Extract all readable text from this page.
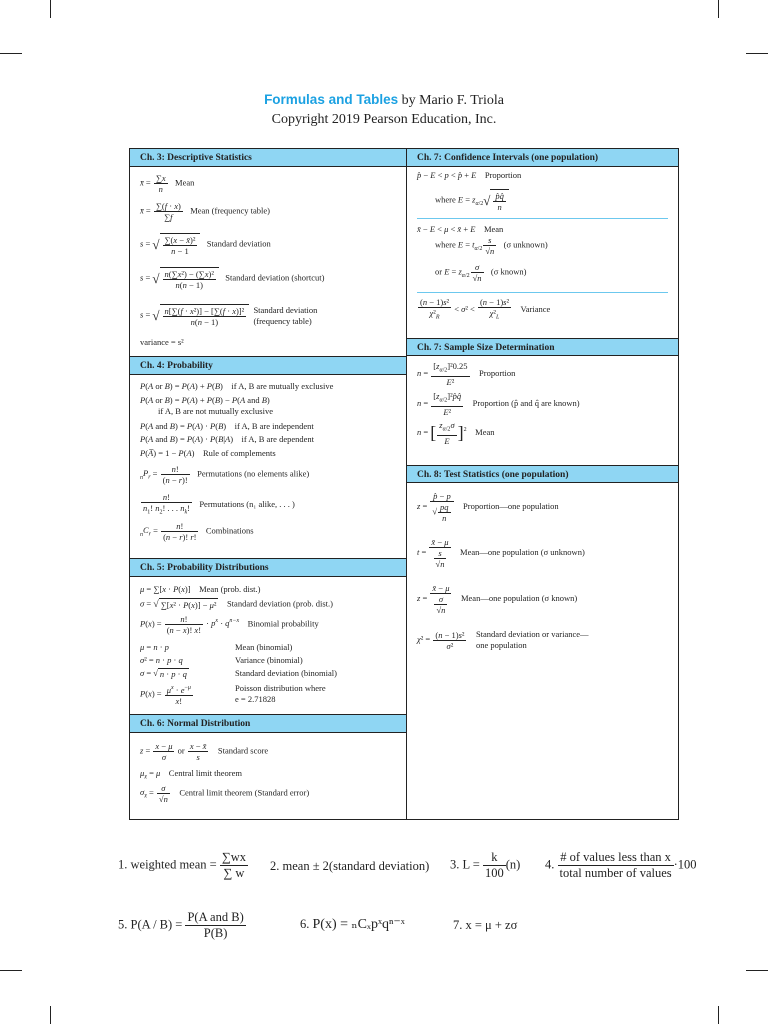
Formulas and Tables by Mario F. Triola
Copyright 2019 Pearson Education, Inc.
Ch. 3: Descriptive Statistics
x̄ = $\frac{\sum x}{n}$ Mean
x̄ = $\frac{\sum(f \cdot x)}{\sum f}$ Mean (frequency table)
s = √ $\frac{\text{∑(x − x̄)²}}{n - 1}$ Standard deviation
s = √ $\frac{\text{n(∑x²) − (∑x)²}}{n(n - 1)}$ Standard deviation (shortcut)
s = √ $\frac{\text{n[∑(f · x²)] − [∑(f · x)]²}}{n(n - 1)}$ Standard deviation
(frequency table)
variance = s²
Ch. 4: Probability
P(A or B) = P(A) + P(B)    if A, B are mutually exclusive
P(A or B) = P(A) + P(B) − P(A and B)
if A, B are not mutually exclusive
P(A and B) = P(A) · P(B)    if A, B are independent
P(A and B) = P(A) · P(B|A)    if A, B are dependent
P(A̅) = 1 − P(A)    Rule of complements
$_nP_r = \frac{n!}{(n - r)!}$ Permutations (no elements alike)
$\frac{n!}{n_1! n_2! . . . n_k!}$ Permutations (n₁ alike, . . . )
$_nC_r = \frac{n!}{(n - r)! r!}$ Combinations
Ch. 5: Probability Distributions
μ = ∑[x · P(x)]    Mean (prob. dist.)
σ = √ ∑[x² · P(x)] − μ² Standard deviation (prob. dist.)
$P(x) = \frac{n!}{(n - x)! x!} \cdot p^x \cdot q^{n-x}$ Binomial probability
μ = n · p	Mean (binomial)
σ² = n · p · q	Variance (binomial)
σ = √ n · p · q	Standard deviation (binomial)
$P(x) = \frac{\mu^x \cdot e^{-\mu}}{x!}$	Poisson distribution where
e = 2.71828
Ch. 6: Normal Distribution
$z = \frac{x - \mu}{\sigma}$ or $\frac{x - x̄}{s}$ Standard score
$\mu_{x̄} = \mu$ Central limit theorem
$\sigma_{x̄} = \frac{\sigma}{√n}$ Central limit theorem (Standard error)
Ch. 7: Confidence Intervals (one population)
p̂ − E < p < p̂ + E Proportion
where $E = z_{\alpha/2}√ \frac{p̂q̂}{n}$
x̄ − E < μ < x̄ + E Mean
where $E = t_{\alpha/2} \frac{s}{√n} (\sigma$ unknown)
or $E = z_{\alpha/2} \frac{\sigma}{√n} (\sigma$ known)
$\frac{\text{(n − 1)s²}}{\chi^2_R} < \sigma^2 < \frac{\text{(n − 1)s²}}{\chi^2_L}$ Variance
Ch. 7: Sample Size Determination
$n = \frac{[z_{\alpha/2}]^20.25}{\text{E²}}$ Proportion
$n = \frac{[z_{\alpha/2}]^2p̂q̂}{\text{E²}}$ Proportion (p̂ and q̂ are known)
n = [ $\frac{z_{\alpha/2}\sigma}{E} ]^2$ Mean
Ch. 8: Test Statistics (one population)
z =
p̂ − p
√ $\frac{pq}{n}$ Proportion—one population
$t = \frac{x̄ - \mu}{\frac{s}{√n}}$ Mean—one population (σ unknown)
$z = \frac{x̄ - \mu}{\frac{\sigma}{√n}}$ Mean—one population (σ known)
$\chi^2 = \frac{\text{(n − 1)s²}}{\text{σ²}}$ Standard deviation or variance—
one population
1. weighted mean = $\frac{\sum wx}{\sum w} 2$. mean ± 2(standard deviation) 3. $L = \frac{k}{100} (n)$ 4.
# of values less than x
total number of values
·100
5. P(A / B) =
P(A and B)
P(B)
6. P(x) = ₙCₓpˣqⁿ⁻ˣ	7. x = μ + zσ
